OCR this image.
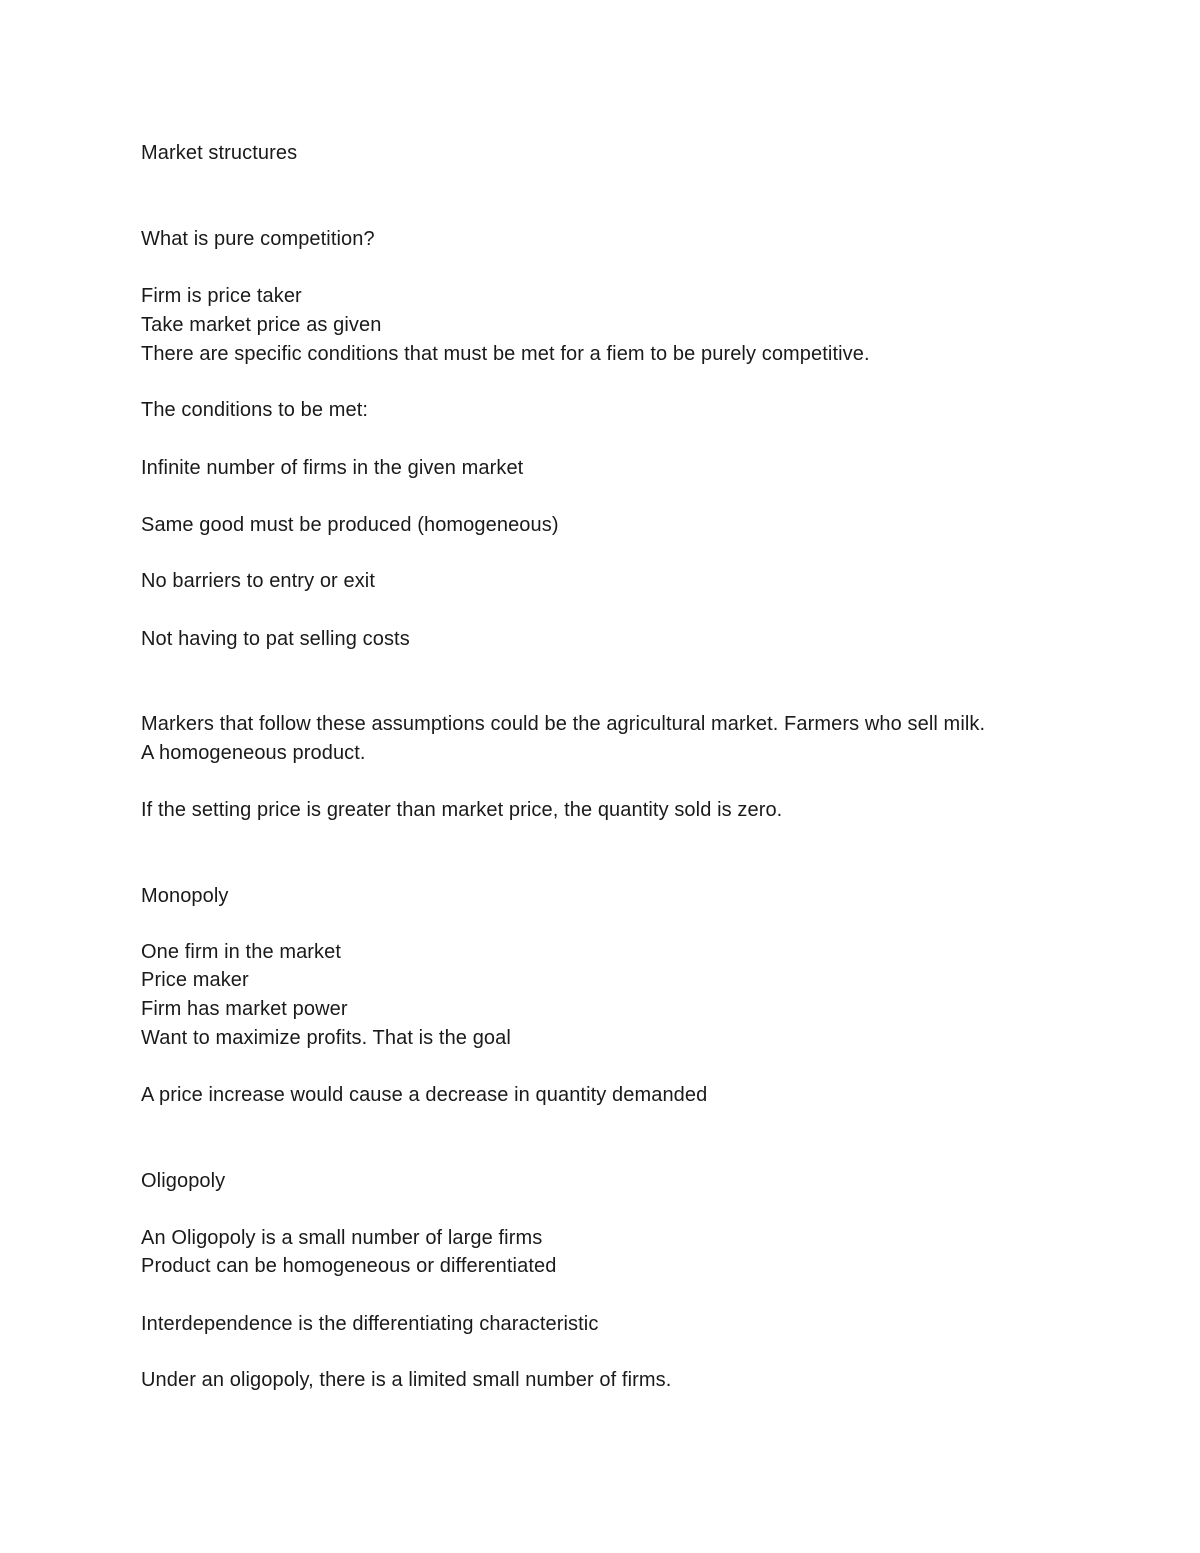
Market structures

What is pure competition?

Firm is price taker

Take market price as given

There are specific conditions that must be met for a fiem to be purely competitive.

The conditions to be met:

Infinite number of firms in the given market

Same good must be produced (homogeneous)

No barriers to entry or exit

Not having to pat selling costs

Markers that follow these assumptions could be the agricultural market. Farmers who sell milk.

A homogeneous product.

If the setting price is greater than market price, the quantity sold is zero.

Monopoly

One firm in the market

Price maker

Firm has market power

Want to maximize profits. That is the goal

A price increase would cause a decrease in quantity demanded

Oligopoly

An Oligopoly is a small number of large firms

Product can be homogeneous or differentiated

Interdependence is the differentiating characteristic

Under an oligopoly, there is a limited small number of firms.
